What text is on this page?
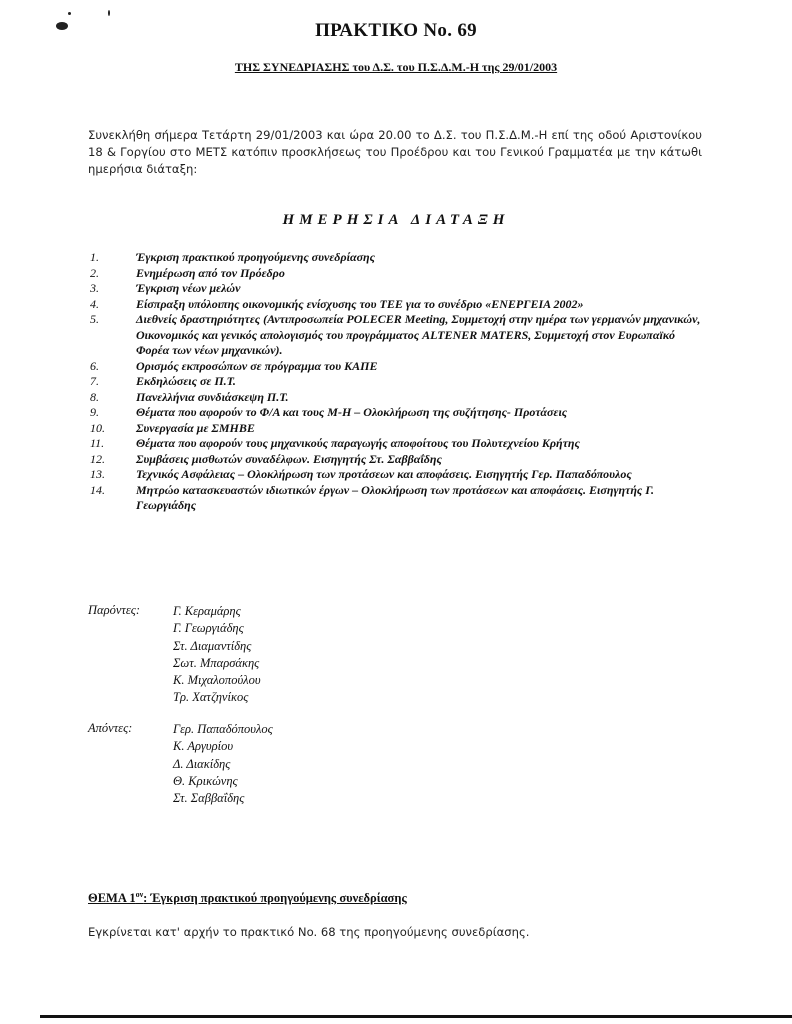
ΠΡΑΚΤΙΚΟ No. 69
ΤΗΣ ΣΥΝΕΔΡΙΑΣΗΣ του Δ.Σ. του Π.Σ.Δ.Μ.-Η της 29/01/2003
Συνεκλήθη σήμερα Τετάρτη 29/01/2003 και ώρα 20.00 το Δ.Σ. του Π.Σ.Δ.Μ.-Η επί της οδού Αριστονίκου 18 & Γοργίου στο ΜΕΤΣ κατόπιν προσκλήσεως του Προέδρου και του Γενικού Γραμματέα με την κάτωθι ημερήσια διάταξη:
ΗΜΕΡΗΣΙΑ ΔΙΑΤΑΞΗ
1.	Έγκριση πρακτικού προηγούμενης συνεδρίασης
2.	Ενημέρωση από τον Πρόεδρο
3.	Έγκριση νέων μελών
4.	Είσπραξη υπόλοιπης οικονομικής ενίσχυσης του ΤΕΕ για το συνέδριο «ΕΝΕΡΓΕΙΑ 2002»
5.	Διεθνείς δραστηριότητες (Αντιπροσωπεία POLECER Meeting, Συμμετοχή στην ημέρα των γερμανών μηχανικών, Οικονομικός και γενικός απολογισμός του προγράμματος ALTENER MATERS, Συμμετοχή στον Ευρωπαϊκό Φορέα των νέων μηχανικών).
6.	Ορισμός εκπροσώπων σε πρόγραμμα του ΚΑΠΕ
7.	Εκδηλώσεις σε Π.Τ.
8.	Πανελλήνια συνδιάσκεψη Π.Τ.
9.	Θέματα που αφορούν το Φ/Α και τους Μ-Η – Ολοκλήρωση της συζήτησης- Προτάσεις
10.	Συνεργασία με ΣΜΗΒΕ
11.	Θέματα που αφορούν τους μηχανικούς παραγωγής αποφοίτους του Πολυτεχνείου Κρήτης
12.	Συμβάσεις μισθωτών συναδέλφων. Εισηγητής Στ. Σαββαΐδης
13.	Τεχνικός Ασφάλειας – Ολοκλήρωση των προτάσεων και αποφάσεις. Εισηγητής Γερ. Παπαδόπουλος
14.	Μητρώο κατασκευαστών ιδιωτικών έργων – Ολοκλήρωση των προτάσεων και αποφάσεις. Εισηγητής Γ. Γεωργιάδης
Παρόντες:	Γ. Κεραμάρης
Γ. Γεωργιάδης
Στ. Διαμαντίδης
Σωτ. Μπαρσάκης
Κ. Μιχαλοπούλου
Τρ. Χατζηνίκος
Απόντες:	Γερ. Παπαδόπουλος
Κ. Αργυρίου
Δ. Διακίδης
Θ. Κρικώνης
Στ. Σαββαΐδης
ΘΕΜΑ $1^{o\nu}$: Έγκριση πρακτικού προηγούμενης συνεδρίασης
Εγκρίνεται κατ' αρχήν το πρακτικό No. 68 της προηγούμενης συνεδρίασης.
